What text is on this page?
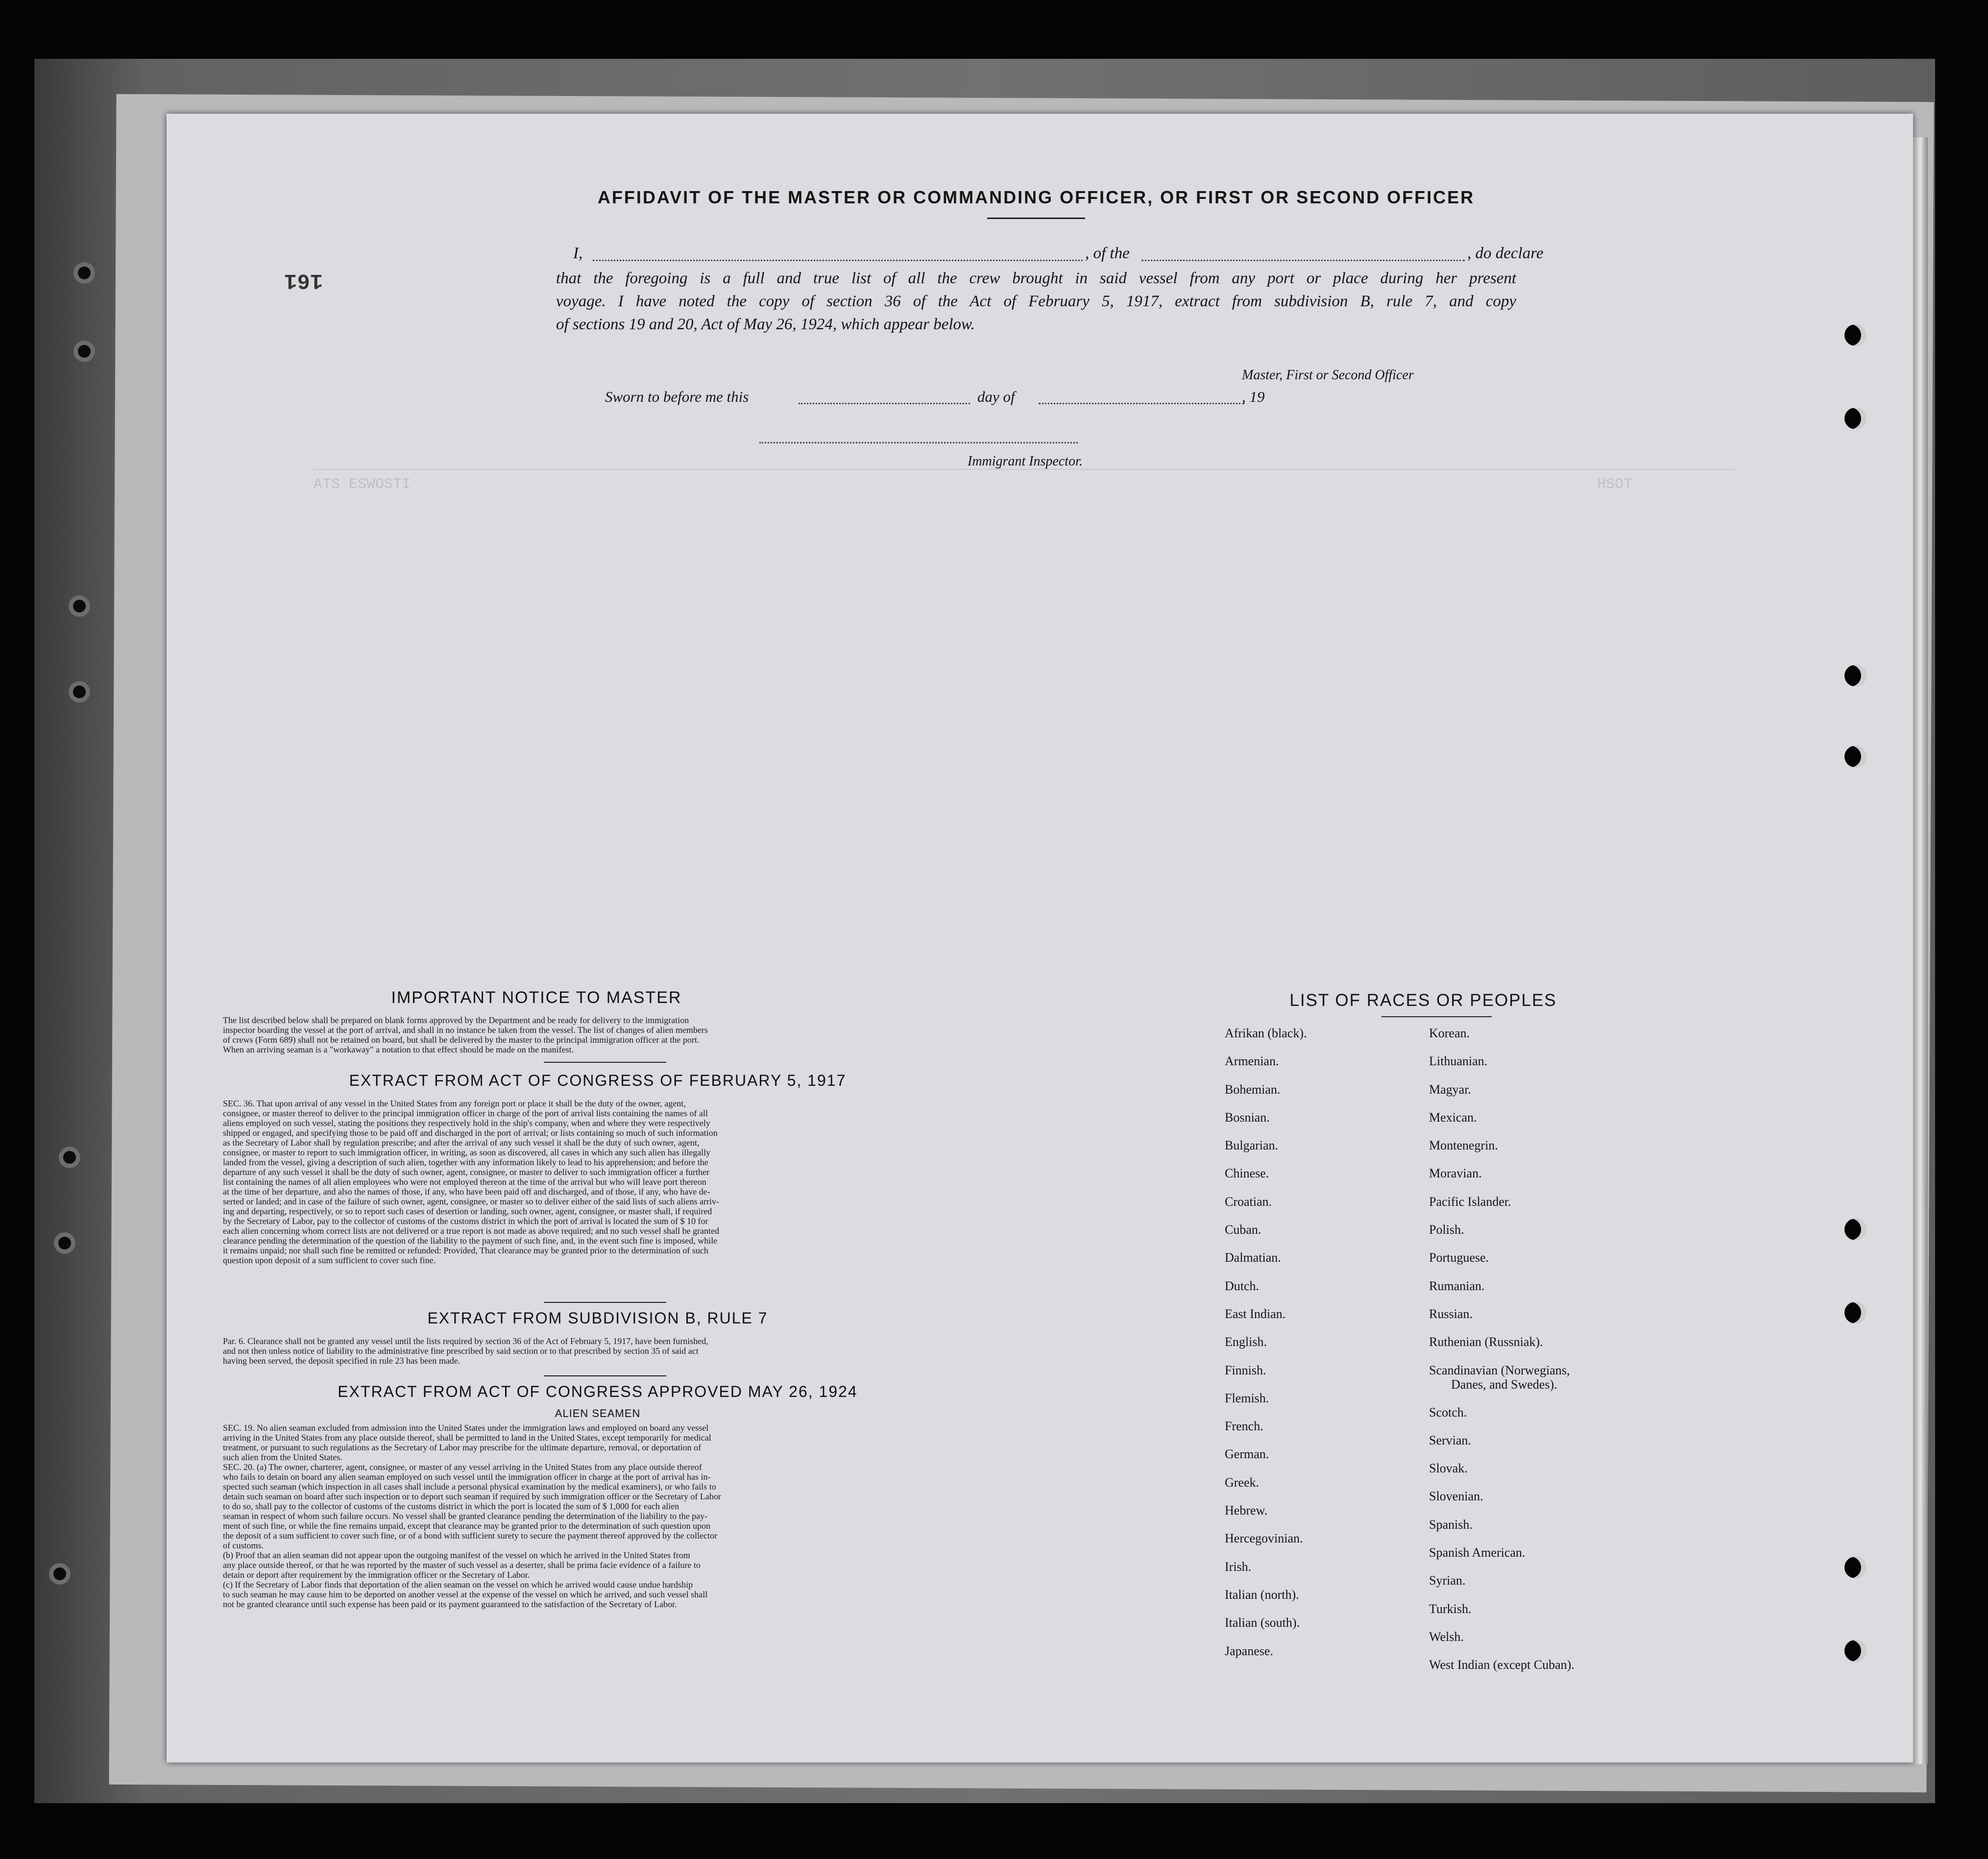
ATS ESWOSTI	HSOT
161
AFFIDAVIT OF THE MASTER OR COMMANDING OFFICER, OR FIRST OR SECOND OFFICER
I,	, of the	, do declare
that the foregoing is a full and true list of all the crew brought in said vessel from any port or place during her present
voyage. I have noted the copy of section 36 of the Act of February 5, 1917, extract from subdivision B, rule 7, and copy
of sections 19 and 20, Act of May 26, 1924, which appear below.
Master, First or Second Officer
Sworn to before me this	day of	, 19
Immigrant Inspector.
IMPORTANT NOTICE TO MASTER
The list described below shall be prepared on blank forms approved by the Department and be ready for delivery to the immigration
inspector boarding the vessel at the port of arrival, and shall in no instance be taken from the vessel. The list of changes of alien members
of crews (Form 689) shall not be retained on board, but shall be delivered by the master to the principal immigration officer at the port.
When an arriving seaman is a "workaway" a notation to that effect should be made on the manifest.
EXTRACT FROM ACT OF CONGRESS OF FEBRUARY 5, 1917
SEC. 36. That upon arrival of any vessel in the United States from any foreign port or place it shall be the duty of the owner, agent,
consignee, or master thereof to deliver to the principal immigration officer in charge of the port of arrival lists containing the names of all
aliens employed on such vessel, stating the positions they respectively hold in the ship's company, when and where they were respectively
shipped or engaged, and specifying those to be paid off and discharged in the port of arrival; or lists containing so much of such information
as the Secretary of Labor shall by regulation prescribe; and after the arrival of any such vessel it shall be the duty of such owner, agent,
consignee, or master to report to such immigration officer, in writing, as soon as discovered, all cases in which any such alien has illegally
landed from the vessel, giving a description of such alien, together with any information likely to lead to his apprehension; and before the
departure of any such vessel it shall be the duty of such owner, agent, consignee, or master to deliver to such immigration officer a further
list containing the names of all alien employees who were not employed thereon at the time of the arrival but who will leave port thereon
at the time of her departure, and also the names of those, if any, who have been paid off and discharged, and of those, if any, who have de-
serted or landed; and in case of the failure of such owner, agent, consignee, or master so to deliver either of the said lists of such aliens arriv-
ing and departing, respectively, or so to report such cases of desertion or landing, such owner, agent, consignee, or master shall, if required
by the Secretary of Labor, pay to the collector of customs of the customs district in which the port of arrival is located the sum of $ 10 for
each alien concerning whom correct lists are not delivered or a true report is not made as above required; and no such vessel shall be granted
clearance pending the determination of the question of the liability to the payment of such fine, and, in the event such fine is imposed, while
it remains unpaid; nor shall such fine be remitted or refunded: Provided, That clearance may be granted prior to the determination of such
question upon deposit of a sum sufficient to cover such fine.
EXTRACT FROM SUBDIVISION B, RULE 7
Par. 6. Clearance shall not be granted any vessel until the lists required by section 36 of the Act of February 5, 1917, have been furnished,
and not then unless notice of liability to the administrative fine prescribed by said section or to that prescribed by section 35 of said act
having been served, the deposit specified in rule 23 has been made.
EXTRACT FROM ACT OF CONGRESS APPROVED MAY 26, 1924
ALIEN SEAMEN
SEC. 19. No alien seaman excluded from admission into the United States under the immigration laws and employed on board any vessel
arriving in the United States from any place outside thereof, shall be permitted to land in the United States, except temporarily for medical
treatment, or pursuant to such regulations as the Secretary of Labor may prescribe for the ultimate departure, removal, or deportation of
such alien from the United States.
SEC. 20. (a) The owner, charterer, agent, consignee, or master of any vessel arriving in the United States from any place outside thereof
who fails to detain on board any alien seaman employed on such vessel until the immigration officer in charge at the port of arrival has in-
spected such seaman (which inspection in all cases shall include a personal physical examination by the medical examiners), or who fails to
detain such seaman on board after such inspection or to deport such seaman if required by such immigration officer or the Secretary of Labor
to do so, shall pay to the collector of customs of the customs district in which the port is located the sum of $ 1,000 for each alien
seaman in respect of whom such failure occurs. No vessel shall be granted clearance pending the determination of the liability to the pay-
ment of such fine, or while the fine remains unpaid, except that clearance may be granted prior to the determination of such question upon
the deposit of a sum sufficient to cover such fine, or of a bond with sufficient surety to secure the payment thereof approved by the collector
of customs.
(b) Proof that an alien seaman did not appear upon the outgoing manifest of the vessel on which he arrived in the United States from
any place outside thereof, or that he was reported by the master of such vessel as a deserter, shall be prima facie evidence of a failure to
detain or deport after requirement by the immigration officer or the Secretary of Labor.
(c) If the Secretary of Labor finds that deportation of the alien seaman on the vessel on which he arrived would cause undue hardship
to such seaman he may cause him to be deported on another vessel at the expense of the vessel on which he arrived, and such vessel shall
not be granted clearance until such expense has been paid or its payment guaranteed to the satisfaction of the Secretary of Labor.
LIST OF RACES OR PEOPLES
Afrikan (black).
Armenian.
Bohemian.
Bosnian.
Bulgarian.
Chinese.
Croatian.
Cuban.
Dalmatian.
Dutch.
East Indian.
English.
Finnish.
Flemish.
French.
German.
Greek.
Hebrew.
Hercegovinian.
Irish.
Italian (north).
Italian (south).
Japanese.
Korean.
Lithuanian.
Magyar.
Mexican.
Montenegrin.
Moravian.
Pacific Islander.
Polish.
Portuguese.
Rumanian.
Russian.
Ruthenian (Russniak).
Scandinavian (Norwegians,
Danes, and Swedes).
Scotch.
Servian.
Slovak.
Slovenian.
Spanish.
Spanish American.
Syrian.
Turkish.
Welsh.
West Indian (except Cuban).
